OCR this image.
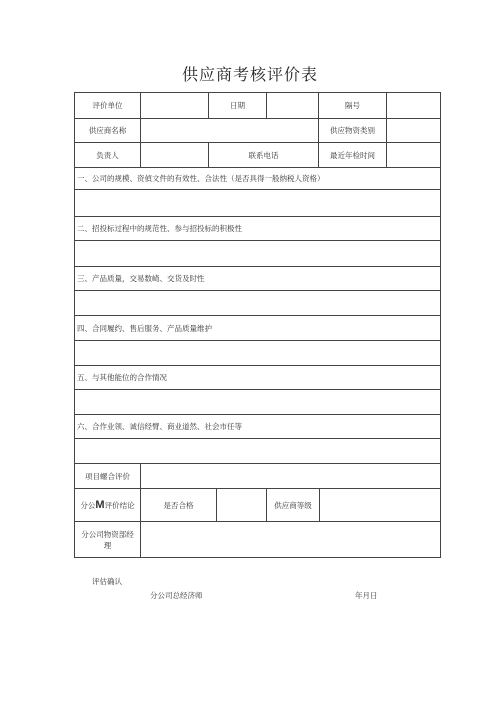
供应商考核评价表
评价单位	日期	隔号
供应商名称	供应物资类别
负责人	联系电话	最近年检时间
一、公司的规模、资偵文件的有效性、合法性（是否具得一般纳税人资格）
二、招投标过程中的规范性、参与招投标的积极性
三、产品质量，交易数崎、交货及时性
四、合同履约、售后服务、产品质量维护
五、与其他能位的合作情况
六、合作业领、诚信经臂、商业道然、社会市任等
项目螺合评价
分公 M 评价结论	是否合格	供应商等级
分公司物资部经
理
评估确认
分公司总经济师	年月日
